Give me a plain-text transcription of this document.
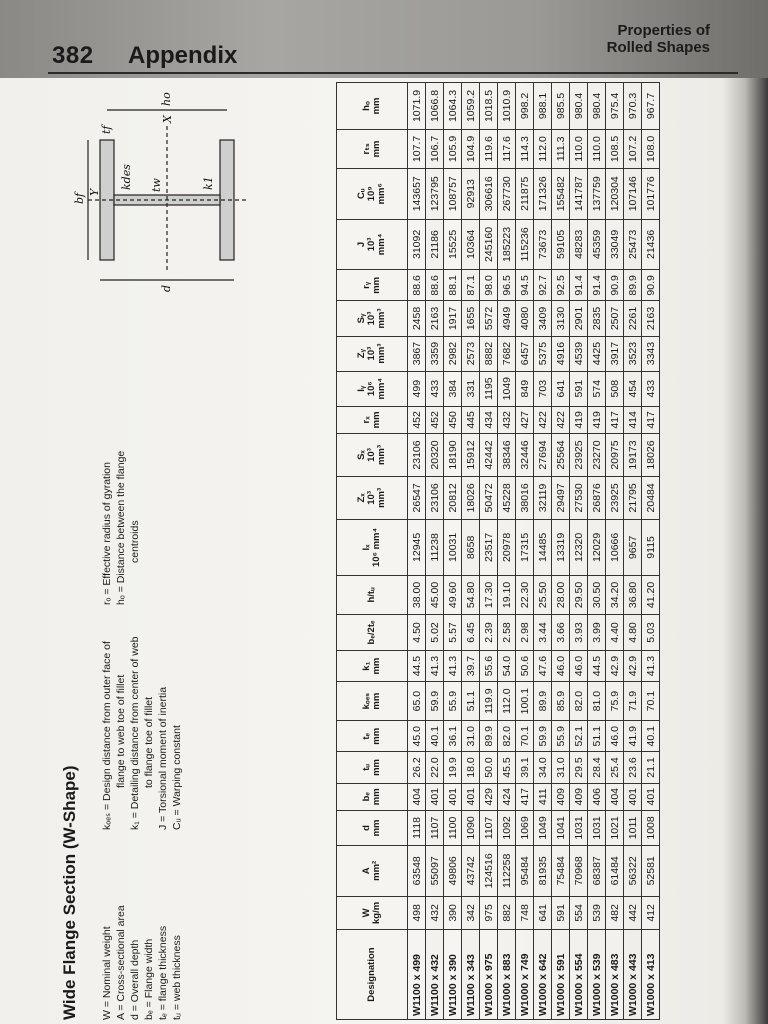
382 Appendix
Properties of
Rolled Shapes
Wide Flange Section (W-Shape) W = Nominal weight A = Cross-sectional area d = Overall depth bₑ = Flange width tₑ = flange thickness tᵤ = web thickness
kₒₑₛ = Design distance from outer face of flange to web toe of fillet k₁ = Detailing distance from center of web to flange toe of fillet J = Torsional moment of inertia Cᵤ = Warping constant
rₒ = Effective radius of gyration hₒ = Distance between the flange centroids
bf
tf
kdes tw	k1
d
X
Y
ho
Designation	W kg/m	A mm²	d mm	bₑ mm	tᵤ mm	tₑ mm	kₒₑₛ mm	k₁ mm	bₑ/2tₑ	h/tᵤ	Iₓ 10⁶ mm⁴	Zₓ 10³ mm³	Sₓ 10³ mm³	rₓ mm	Iᵧ 10⁶ mm⁴	Zᵧ 10³ mm³	Sᵧ 10³ mm³	rᵧ mm	J 10³ mm⁴	Cᵤ 10⁹ mm⁶	rₜₛ mm	hₒ mm

W1100 x 499	498	63548	1118	404	26.2	45.0	65.0	44.5	4.50	38.00	12945	26547	23106	452	499	3867	2458	88.6	31092	143657	107.7	1071.9
W1100 x 432	432	55097	1107	401	22.0	40.1	59.9	41.3	5.02	45.00	11238	23106	20320	452	433	3359	2163	88.6	21186	123795	106.7	1066.8
W1100 x 390	390	49806	1100	401	19.9	36.1	55.9	41.3	5.57	49.60	10031	20812	18190	450	384	2982	1917	88.1	15525	108757	105.9	1064.3
W1100 x 343	342	43742	1090	401	18.0	31.0	51.1	39.7	6.45	54.80	8658	18026	15912	445	331	2573	1655	87.1	10364	92913	104.9	1059.2
W1000 x 975	975	124516	1107	429	50.0	89.9	119.9	55.6	2.39	17.30	23517	50472	42442	434	1195	8882	5572	98.0	245160	306616	119.6	1018.5
W1000 x 883	882	112258	1092	424	45.5	82.0	112.0	54.0	2.58	19.10	20978	45228	38346	432	1049	7682	4949	96.5	185223	267730	117.6	1010.9
W1000 x 749	748	95484	1069	417	39.1	70.1	100.1	50.6	2.98	22.30	17315	38016	32446	427	849	6457	4080	94.5	115236	211875	114.3	998.2
W1000 x 642	641	81935	1049	411	34.0	59.9	89.9	47.6	3.44	25.50	14485	32119	27694	422	703	5375	3409	92.7	73673	171326	112.0	988.1
W1000 x 591	591	75484	1041	409	31.0	55.9	85.9	46.0	3.66	28.00	13319	29497	25564	422	641	4916	3130	92.5	59105	155482	111.3	985.5
W1000 x 554	554	70968	1031	409	29.5	52.1	82.0	46.0	3.93	29.50	12320	27530	23925	419	591	4539	2901	91.4	48283	141787	110.0	980.4
W1000 x 539	539	68387	1031	406	28.4	51.1	81.0	44.5	3.99	30.50	12029	26876	23270	419	574	4425	2835	91.4	45359	137759	110.0	980.4
W1000 x 483	482	61484	1021	404	25.4	46.0	75.9	42.9	4.40	34.20	10666	23925	20975	417	508	3917	2507	90.9	33049	120304	108.5	975.4
W1000 x 443	442	56322	1011	401	23.6	41.9	71.9	42.9	4.80	36.80	9657	21795	19173	414	454	3523	2261	89.9	25473	107146	107.2	970.3
W1000 x 413	412	52581	1008	401	21.1	40.1	70.1	41.3	5.03	41.20	9115	20484	18026	417	433	3343	2163	90.9	21436	101776	108.0	967.7
